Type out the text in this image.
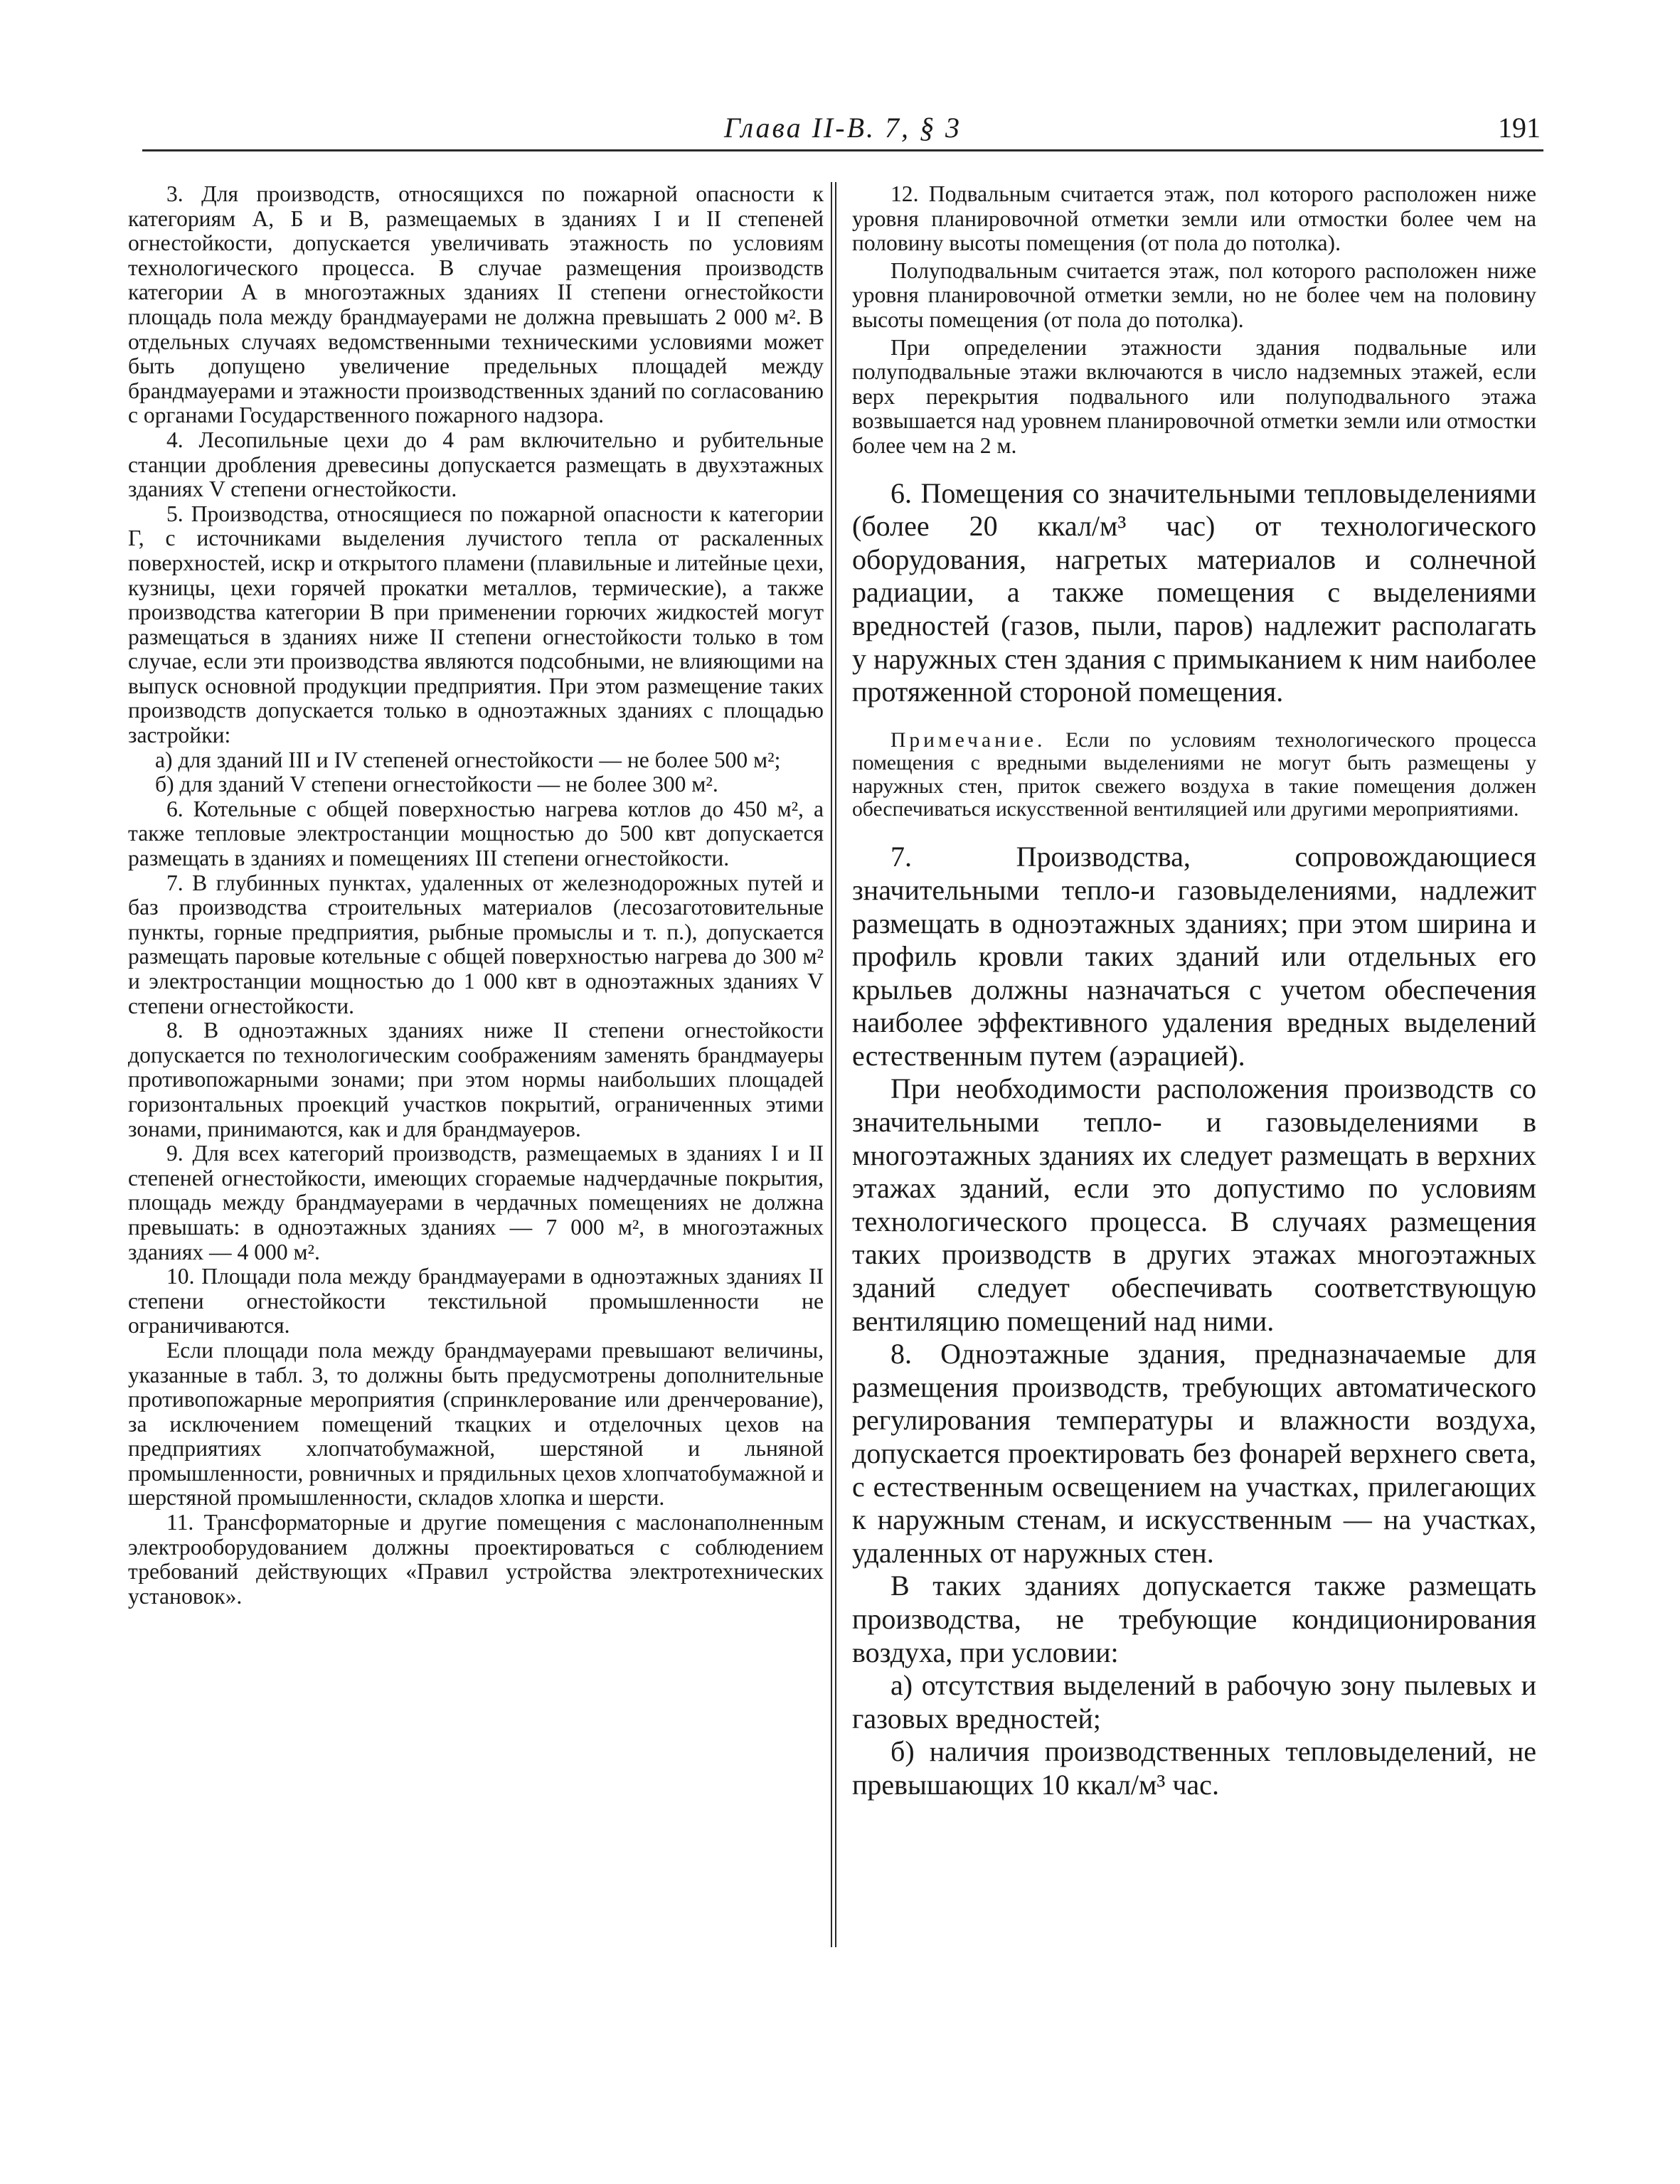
Глава II-В. 7, § 3	191

3. Для производств, относящихся по пожарной опасности к категориям А, Б и В, размещаемых в зданиях I и II степеней огнестойкости, допускается увеличивать этажность по условиям технологического процесса. В случае размещения производств категории А в многоэтажных зданиях II степени огнестойкости площадь пола между брандмауерами не должна превышать 2 000 м². В отдельных случаях ведомственными техническими условиями может быть допущено увеличение предельных площадей между брандмауерами и этажности производственных зданий по согласованию с органами Государственного пожарного надзора.

4. Лесопильные цехи до 4 рам включительно и рубительные станции дробления древесины допускается размещать в двухэтажных зданиях V степени огнестойкости.

5. Производства, относящиеся по пожарной опасности к категории Г, с источниками выделения лучистого тепла от раскаленных поверхностей, искр и открытого пламени (плавильные и литейные цехи, кузницы, цехи горячей прокатки металлов, термические), а также производства категории В при применении горючих жидкостей могут размещаться в зданиях ниже II степени огнестойкости только в том случае, если эти производства являются подсобными, не влияющими на выпуск основной продукции предприятия. При этом размещение таких производств допускается только в одноэтажных зданиях с площадью застройки:

а) для зданий III и IV степеней огнестойкости — не более 500 м²;

б) для зданий V степени огнестойкости — не более 300 м².

6. Котельные с общей поверхностью нагрева котлов до 450 м², а также тепловые электростанции мощностью до 500 квт допускается размещать в зданиях и помещениях III степени огнестойкости.

7. В глубинных пунктах, удаленных от железнодорожных путей и баз производства строительных материалов (лесозаготовительные пункты, горные предприятия, рыбные промыслы и т. п.), допускается размещать паровые котельные с общей поверхностью нагрева до 300 м² и электростанции мощностью до 1 000 квт в одноэтажных зданиях V степени огнестойкости.

8. В одноэтажных зданиях ниже II степени огнестойкости допускается по технологическим соображениям заменять брандмауеры противопожарными зонами; при этом нормы наибольших площадей горизонтальных проекций участков покрытий, ограниченных этими зонами, принимаются, как и для брандмауеров.

9. Для всех категорий производств, размещаемых в зданиях I и II степеней огнестойкости, имеющих сгораемые надчердачные покрытия, площадь между брандмауерами в чердачных помещениях не должна превышать: в одноэтажных зданиях — 7 000 м², в многоэтажных зданиях — 4 000 м².

10. Площади пола между брандмауерами в одноэтажных зданиях II степени огнестойкости текстильной промышленности не ограничиваются.

Если площади пола между брандмауерами превышают величины, указанные в табл. 3, то должны быть предусмотрены дополнительные противопожарные мероприятия (спринклерование или дренчерование), за исключением помещений ткацких и отделочных цехов на предприятиях хлопчатобумажной, шерстяной и льняной промышленности, ровничных и прядильных цехов хлопчатобумажной и шерстяной промышленности, складов хлопка и шерсти.

11. Трансформаторные и другие помещения с маслонаполненным электрооборудованием должны проектироваться с соблюдением требований действующих «Правил устройства электротехнических установок».

12. Подвальным считается этаж, пол которого расположен ниже уровня планировочной отметки земли или отмостки более чем на половину высоты помещения (от пола до потолка).

Полуподвальным считается этаж, пол которого расположен ниже уровня планировочной отметки земли, но не более чем на половину высоты помещения (от пола до потолка).

При определении этажности здания подвальные или полуподвальные этажи включаются в число надземных этажей, если верх перекрытия подвального или полуподвального этажа возвышается над уровнем планировочной отметки земли или отмостки более чем на 2 м.

6. Помещения со значительными тепловыделениями (более 20 ккал/м³ час) от технологического оборудования, нагретых материалов и солнечной радиации, а также помещения с выделениями вредностей (газов, пыли, паров) надлежит располагать у наружных стен здания с примыканием к ним наиболее протяженной стороной помещения.

Примечание. Если по условиям технологического процесса помещения с вредными выделениями не могут быть размещены у наружных стен, приток свежего воздуха в такие помещения должен обеспечиваться искусственной вентиляцией или другими мероприятиями.

7. Производства, сопровождающиеся значительными тепло-и газовыделениями, надлежит размещать в одноэтажных зданиях; при этом ширина и профиль кровли таких зданий или отдельных его крыльев должны назначаться с учетом обеспечения наиболее эффективного удаления вредных выделений естественным путем (аэрацией).

При необходимости расположения производств со значительными тепло- и газовыделениями в многоэтажных зданиях их следует размещать в верхних этажах зданий, если это допустимо по условиям технологического процесса. В случаях размещения таких производств в других этажах многоэтажных зданий следует обеспечивать соответствующую вентиляцию помещений над ними.

8. Одноэтажные здания, предназначаемые для размещения производств, требующих автоматического регулирования температуры и влажности воздуха, допускается проектировать без фонарей верхнего света, с естественным освещением на участках, прилегающих к наружным стенам, и искусственным — на участках, удаленных от наружных стен.

В таких зданиях допускается также размещать производства, не требующие кондиционирования воздуха, при условии:

а) отсутствия выделений в рабочую зону пылевых и газовых вредностей;

б) наличия производственных тепловыделений, не превышающих 10 ккал/м³ час.
